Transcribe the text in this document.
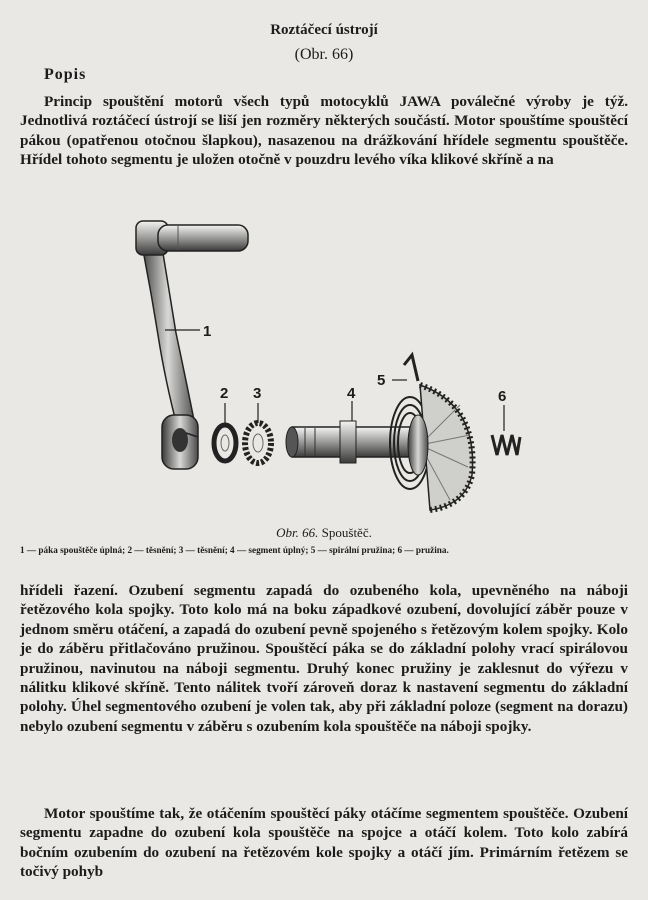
Roztáčecí ústrojí
(Obr. 66)
Popis
Princip spouštění motorů všech typů motocyklů JAWA poválečné výroby je týž. Jednotlivá roztáčecí ústrojí se liší jen rozměry některých součástí. Motor spouštíme spouštěcí pákou (opatřenou otočnou šlapkou), nasazenou na drážkování hřídele segmentu spouštěče. Hřídel tohoto segmentu je uložen otočně v pouzdru levého víka klikové skříně a na
1
2 3	4
5
6
Obr. 66. Spouštěč.
1 — páka spouštěče úplná; 2 — těsnění; 3 — těsnění; 4 — segment úplný; 5 — spirální pružina; 6 — pružina.
hřídeli řazení. Ozubení segmentu zapadá do ozubeného kola, upevněného na náboji řetězového kola spojky. Toto kolo má na boku západkové ozubení, dovolující záběr pouze v jednom směru otáčení, a zapadá do ozubení pevně spojeného s řetězovým kolem spojky. Kolo je do záběru přitlačováno pružinou. Spouštěcí páka se do základní polohy vrací spirálovou pružinou, navinutou na náboji segmentu. Druhý konec pružiny je zaklesnut do výřezu v nálitku klikové skříně. Tento nálitek tvoří zároveň doraz k nastavení segmentu do základní polohy. Úhel segmentového ozubení je volen tak, aby při základní poloze (segment na dorazu) nebylo ozubení segmentu v záběru s ozubením kola spouštěče na náboji spojky.
Motor spouštíme tak, že otáčením spouštěcí páky otáčíme segmentem spouštěče. Ozubení segmentu zapadne do ozubení kola spouštěče na spojce a otáčí kolem. Toto kolo zabírá bočním ozubením do ozubení na řetězovém kole spojky a otáčí jím. Primárním řetězem se točivý pohyb
